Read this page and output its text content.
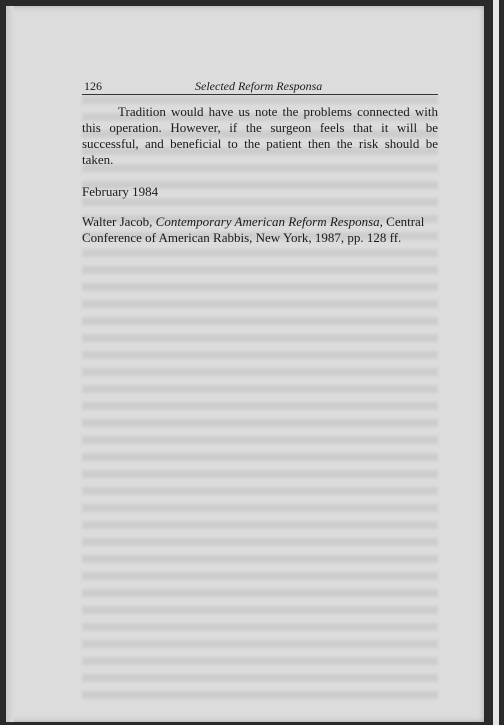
126	Selected Reform Responsa

Tradition would have us note the problems connected with this operation. However, if the surgeon feels that it will be successful, and beneficial to the patient then the risk should be taken.

February 1984

Walter Jacob, Contemporary American Reform Responsa, Central Conference of American Rabbis, New York, 1987, pp. 128 ff.
